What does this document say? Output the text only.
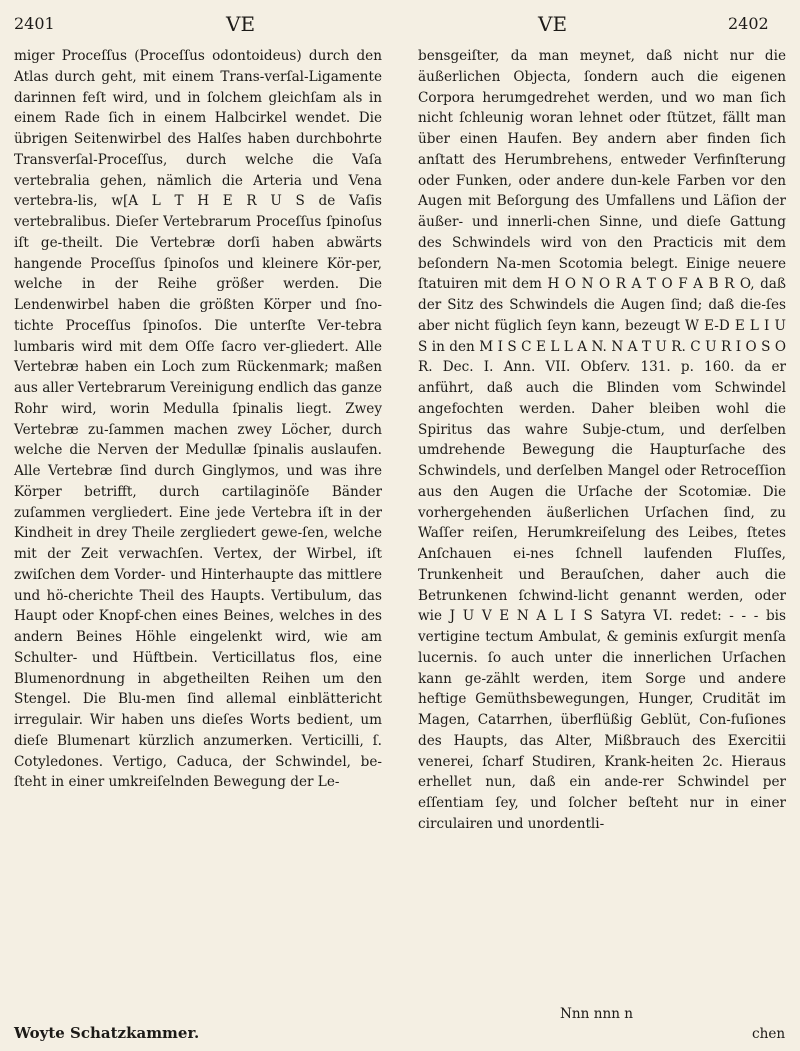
2401	VE	VE	2402

miger Proceſſus (Proceſſus odontoideus) durch den Atlas durch geht, mit einem Trans-verſal-Ligamente darinnen feſt wird, und in ſolchem gleichſam als in einem Rade ſich in einem Halbcirkel wendet. Die übrigen Seitenwirbel des Halſes haben durchbohrte Transverſal-Proceſſus, durch welche die Vaſa vertebralia gehen, nämlich die Arteria und Vena vertebra-lis, w[A L T H E R U S de Vaſis vertebralibus. Dieſer Vertebrarum Proceſſus ſpinoſus iſt ge-theilt. Die Vertebræ dorſi haben abwärts hangende Proceſſus ſpinoſos und kleinere Kör-per, welche in der Reihe größer werden. Die Lendenwirbel haben die größten Körper und ſno-tichte Proceſſus ſpinoſos. Die unterſte Ver-tebra lumbaris wird mit dem Oſſe ſacro ver-gliedert. Alle Vertebræ haben ein Loch zum Rückenmark; maßen aus aller Vertebrarum Vereinigung endlich das ganze Rohr wird, worin Medulla ſpinalis liegt. Zwey Vertebræ zu-ſammen machen zwey Löcher, durch welche die Nerven der Medullæ ſpinalis auslaufen. Alle Vertebræ ſind durch Ginglymos, und was ihre Körper betrifft, durch cartilaginöſe Bänder zuſammen vergliedert. Eine jede Vertebra iſt in der Kindheit in drey Theile zergliedert gewe-ſen, welche mit der Zeit verwachſen. Vertex, der Wirbel, iſt zwiſchen dem Vorder- und Hinterhaupte das mittlere und hö-cherichte Theil des Haupts. Vertibulum, das Haupt oder Knopf-chen eines Beines, welches in des andern Beines Höhle eingelenkt wird, wie am Schulter- und Hüftbein. Verticillatus flos, eine Blumenordnung in abgetheilten Reihen um den Stengel. Die Blu-men ſind allemal einblättericht irregulair. Wir haben uns dieſes Worts bedient, um dieſe Blumenart kürzlich anzumerken. Verticilli, ſ. Cotyledones. Vertigo, Caduca, der Schwindel, be-ſteht in einer umkreiſelnden Bewegung der Le-

bensgeiſter, da man meynet, daß nicht nur die äußerlichen Objecta, ſondern auch die eigenen Corpora herumgedrehet werden, und wo man ſich nicht ſchleunig woran lehnet oder ſtützet, fällt man über einen Haufen. Bey andern aber finden ſich anſtatt des Herumbrehens, entweder Verfinſterung oder Funken, oder andere dun-kele Farben vor den Augen mit Beſorgung des Umfallens und Läſion der äußer- und innerli-chen Sinne, und dieſe Gattung des Schwindels wird von den Practicis mit dem beſondern Na-men Scotomia belegt. Einige neuere ſtatuiren mit dem H O N O R A T O F A B R O, daß der Sitz des Schwindels die Augen ſind; daß die-ſes aber nicht füglich ſeyn kann, bezeugt W E-D E L I U S in den M I S C E L L A N. N A T U R. C U R I O S O R. Dec. I. Ann. VII. Obſerv. 131. p. 160. da er anführt, daß auch die Blinden vom Schwindel angefochten werden. Daher bleiben wohl die Spiritus das wahre Subje-ctum, und derſelben umdrehende Bewegung die Haupturſache des Schwindels, und derſelben Mangel oder Retroceſſion aus den Augen die Urſache der Scotomiæ. Die vorhergehenden äußerlichen Urſachen ſind, zu Waſſer reiſen, Herumkreiſelung des Leibes, ſtetes Anſchauen ei-nes ſchnell laufenden Fluſſes, Trunkenheit und Berauſchen, daher auch die Betrunkenen ſchwind-licht genannt werden, oder wie J U V E N A L I S Satyra VI. redet: - - - bis vertigine tectum Ambulat, & geminis exſurgit menſa lucernis. ſo auch unter die innerlichen Urſachen kann ge-zählt werden, item Sorge und andere heftige Gemüthsbewegungen, Hunger, Crudität im Magen, Catarrhen, überflüßig Geblüt, Con-fuſiones des Haupts, das Alter, Mißbrauch des Exercitii venerei, ſcharf Studiren, Krank-heiten 2c. Hieraus erhellet nun, daß ein ande-rer Schwindel per eſſentiam ſey, und ſolcher beſteht nur in einer circulairen und unordentli-

Woyte Schatzkammer.
Nnn nnn n
chen
